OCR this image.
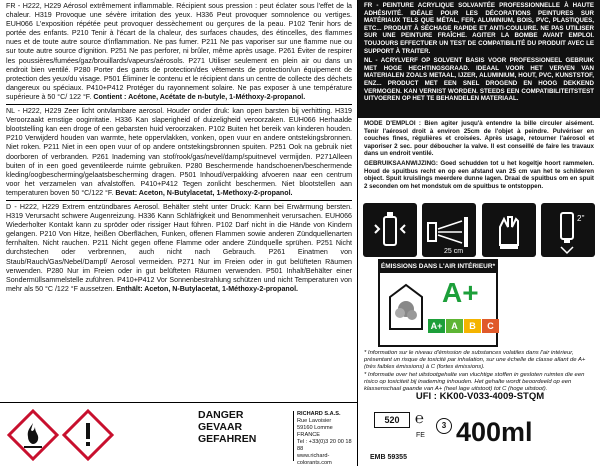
FR - H222, H229 Aérosol extrêmement inflammable. Récipient sous pression : peut éclater sous l'effet de la chaleur. H319 Provoque une sévère irritation des yeux. H336 Peut provoquer somnolence ou vertiges. EUH066 L'exposition répétée peut provoquer dessèchement ou gerçures de la peau. P102 Tenir hors de portée des enfants. P210 Tenir à l'écart de la chaleur, des surfaces chaudes, des étincelles, des flammes nues et de toute autre source d'inflammation. Ne pas fumer. P211 Ne pas vaporiser sur une flamme nue ou sur toute autre source d'ignition. P251 Ne pas perforer, ni brûler, même après usage. P261 Éviter de respirer les poussières/fumées/gaz/brouillards/vapeurs/aérosols. P271 Utiliser seulement en plein air ou dans un endroit bien ventilé. P280 Porter des gants de protection/des vêtements de protection/un équipement de protection des yeux/du visage. P501 Éliminer le contenu et le récipient dans un centre de collecte des déchets dangereux ou spéciaux. P410+P412 Protéger du rayonnement solaire. Ne pas exposer à une température supérieure à 50 °C/ 122 °F. Contient : Acétone, Acétate de n-butyle, 1-Méthoxy-2-propanol.

NL - H222, H229 Zeer licht ontvlambare aerosol. Houder onder druk: kan open barsten bij verhitting. H319 Veroorzaakt ernstige oogirritatie. H336 Kan slaperigheid of duizeligheid veroorzaken. EUH066 Herhaalde blootstelling kan een droge of een gebarsten huid veroorzaken. P102 Buiten het bereik van kinderen houden. P210 Verwijderd houden van warmte, hete oppervlakken, vonken, open vuur en andere ontstekingsbronnen. Niet roken. P211 Niet in een open vuur of op andere ontstekingsbronnen spuiten. P251 Ook na gebruik niet doorboren of verbranden. P261 Inademing van stof/rook/gas/nevel/damp/spuitnevel vermijden. P271Alleen buiten of in een goed geventileerde ruimte gebruiken. P280 Beschermende handschoenen/beschermende kleding/oogbescherming/gelaatsbescherming dragen. P501 Inhoud/verpakking afvoeren naar een centrum voor het verzamelen van afvalstoffen. P410+P412 Tegen zonlicht beschermen. Niet blootstellen aan temperaturen boven 50 °C/122 °F. Bevat: Aceton, N-Butylacetat, 1-Methoxy-2-propanol.

D - H222, H229 Extrem entzündbares Aerosol. Behälter steht unter Druck: Kann bei Erwärmung bersten. H319 Verursacht schwere Augenreizung. H336 Kann Schläfrigkeit und Benommenheit verursachen. EUH066 Wiederholter Kontakt kann zu spröder oder rissiger Haut führen. P102 Darf nicht in die Hände von Kindern gelangen. P210 Von Hitze, heißen Oberflächen, Funken, offenen Flammen sowie anderen Zündquellenarten fernhalten. Nicht rauchen. P211 Nicht gegen offene Flamme oder andere Zündquelle sprühen. P251 Nicht durchstechen oder verbrennen, auch nicht nach Gebrauch. P261 Einatmen von Staub/Rauch/Gas/Nebel/Dampf/ Aerosol vermeiden. P271 Nur im Freien oder in gut belüfteten Räumen verwenden. P280 Nur im Freien oder in gut belüfteten Räumen verwenden. P501 Inhalt/Behälter einer Sondermüllsammelstelle zuführen. P410+P412 Vor Sonnenbestrahlung schützen und nicht Temperaturen von mehr als 50 °C /122 °F aussetzen. Enthält: Aceton, N-Butylacetat, 1-Méthoxy-2-propanol.

DANGER
GEVAAR
GEFAHREN
RICHARD S.A.S.
Rue Lavoisier
59160 Lomme
FRANCE
Tel : +33(0)3 20 00 18 88
www.richard-colorants.com

FR - PEINTURE ACRYLIQUE SOLVANTÉE PROFESSIONNELLE À HAUTE ADHÉSIVITÉ. IDÉALE POUR LES DÉCORATIONS PEINTURES SUR MATÉRIAUX TELS QUE MÉTAL, FER, ALUMINIUM, BOIS, PVC, PLASTIQUES, ETC... PRODUIT À SÉCHAGE RAPIDE ET ANTI-COULURE. NE PAS UTILISER SUR UNE PEINTURE FRAÎCHE. AGITER LA BOMBE AVANT EMPLOI. TOUJOURS EFFECTUER UN TEST DE COMPATIBILITÉ DU PRODUIT AVEC LE SUPPORT À TRAITER.

NL - ACRYLVERF OP SOLVENT BASIS VOOR PROFESSIONEEL GEBRUIK MET HOGE HECHTINGSGRAAD. IDEAAL VOOR HET VERVEN VAN MATERIALEN ZOALS METAAL, IJZER, ALUMINIUM, HOUT, PVC, KUNSTSTOF, ENZ... PRODUCT MET EEN SNEL DROGEND EN HOOG DEKKEND VERMOGEN. KAN VERNIST WORDEN. STEEDS EEN COMPATIBILITEITSTEST UITVOEREN OP HET TE BEHANDELEN MATERIAAL.

MODE D'EMPLOI : Bien agiter jusqu'à entendre la bille circuler aisément. Tenir l'aérosol droit à environ 25cm de l'objet à peindre. Pulvériser en couches fines, régulières et croisées. Après usage, retourner l'aérosol et vaporiser 2 sec. pour déboucher la valve. Il est conseillé de faire les travaux dans un endroit ventilé.

GEBRUIKSAANWIJZING: Goed schudden tot u het kogeltje hoort rammelen. Houd de spuitbus recht en op een afstand van 25 cm van het te schilderen object. Spuit kruislings meerdere dunne lagen. Draai de spuitbus om en spuit 2 seconden om het mondstuk om de spuitbus te ontstoppen.

25 cm
2''
ÉMISSIONS DANS L'AIR INTÉRIEUR*
A+
A+ A	B	C

* Information sur le niveau d'émission de substances volatiles dans l'air intérieur, présentant un risque de toxicité par inhalation, sur une échelle de classe allant de A+ (très faibles émissions) à C (fortes émissions).

* Informatie over het uitstootgehalte van vluchtige stoffen in gesloten ruimtes die een risico op toxiciteit bij inademing inhouden. Het gehalte wordt beoordeeld op een klassenschaal gaande van A+ (heel lage uitstoot) tot C (hoge uitstoot).

UFI : KK00-V033-4009-STQM
520	℮	3
FE 400ml
EMB 59355
